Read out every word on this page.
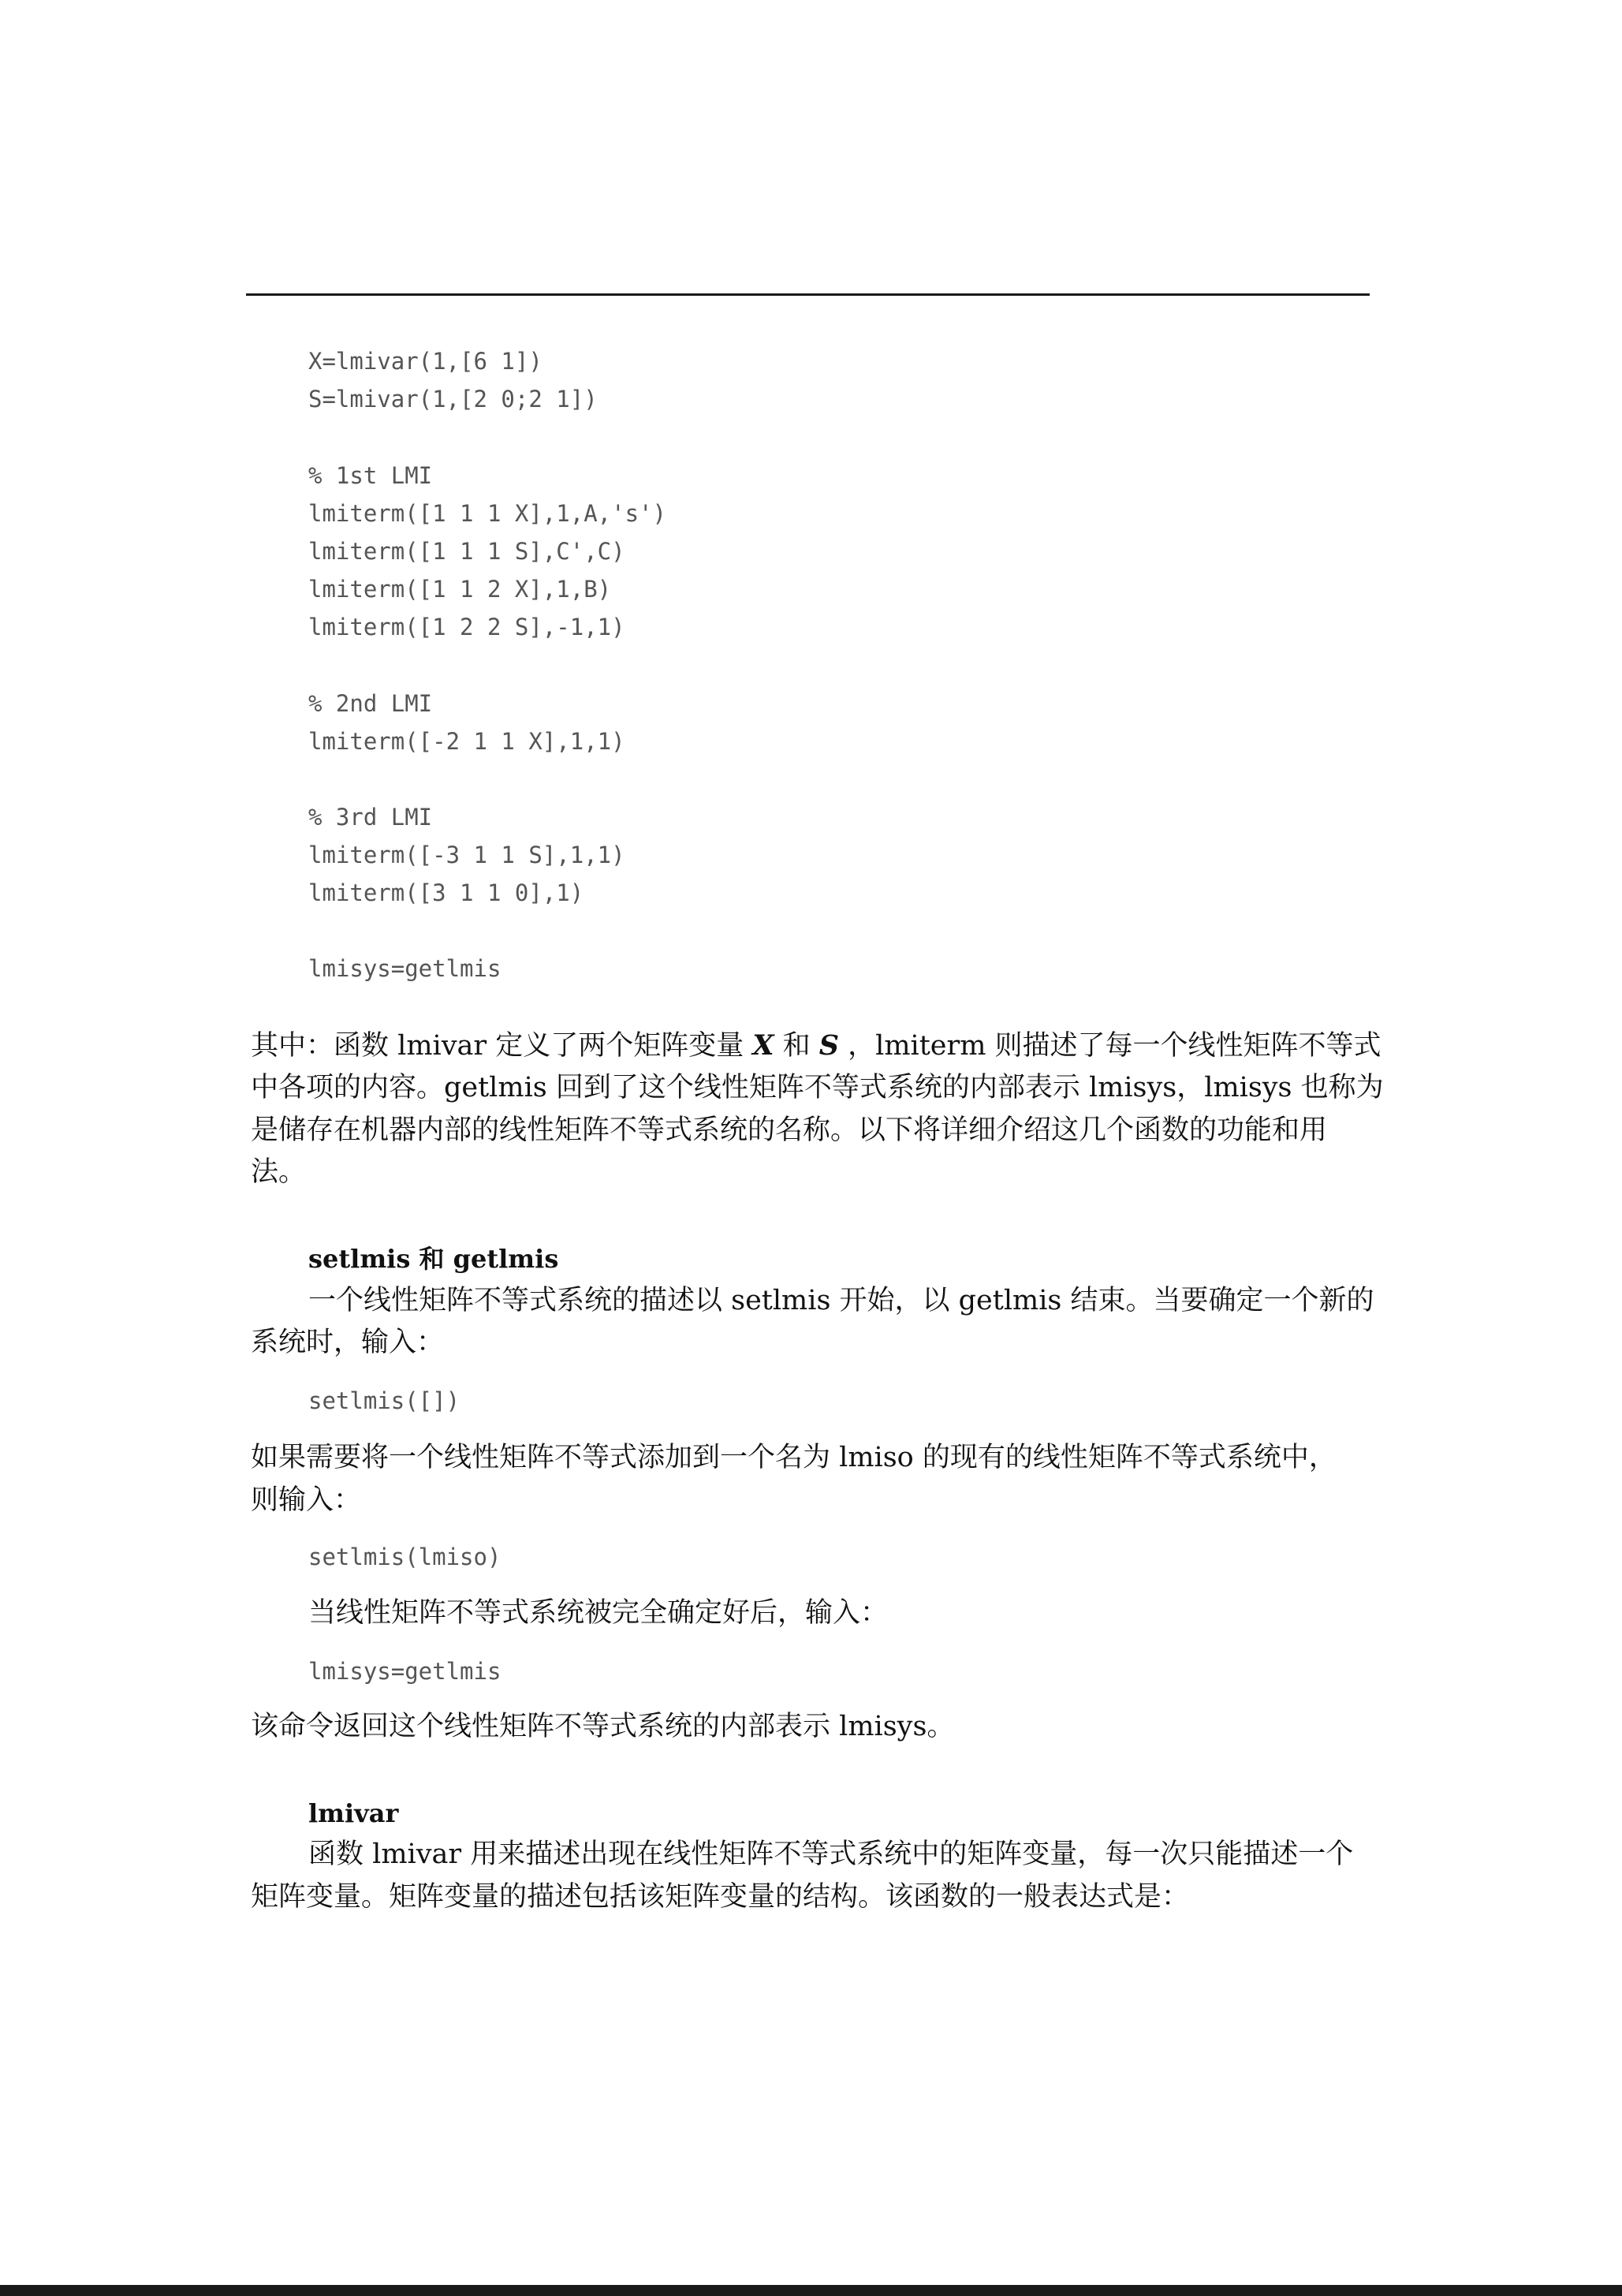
X=lmivar(1,[6 1])
S=lmivar(1,[2 0;2 1])
% 1st LMI
lmiterm([1 1 1 X],1,A,'s')
lmiterm([1 1 1 S],C',C)
lmiterm([1 1 2 X],1,B)
lmiterm([1 2 2 S],-1,1)
% 2nd LMI
lmiterm([-2 1 1 X],1,1)
% 3rd LMI
lmiterm([-3 1 1 S],1,1)
lmiterm([3 1 1 0],1)
lmisys=getlmis
其中：函数 lmivar 定义了两个矩阵变量 X 和 S ，lmiterm 则描述了每一个线性矩阵不等式
中各项的内容。getlmis 回到了这个线性矩阵不等式系统的内部表示 lmisys，lmisys 也称为
是储存在机器内部的线性矩阵不等式系统的名称。以下将详细介绍这几个函数的功能和用
法。
setlmis 和 getlmis
一个线性矩阵不等式系统的描述以 setlmis 开始，以 getlmis 结束。当要确定一个新的
系统时，输入：
setlmis([])
如果需要将一个线性矩阵不等式添加到一个名为 lmiso 的现有的线性矩阵不等式系统中，
则输入：
setlmis(lmiso)
当线性矩阵不等式系统被完全确定好后，输入：
lmisys=getlmis
该命令返回这个线性矩阵不等式系统的内部表示 lmisys。
lmivar
函数 lmivar 用来描述出现在线性矩阵不等式系统中的矩阵变量，每一次只能描述一个
矩阵变量。矩阵变量的描述包括该矩阵变量的结构。该函数的一般表达式是：
